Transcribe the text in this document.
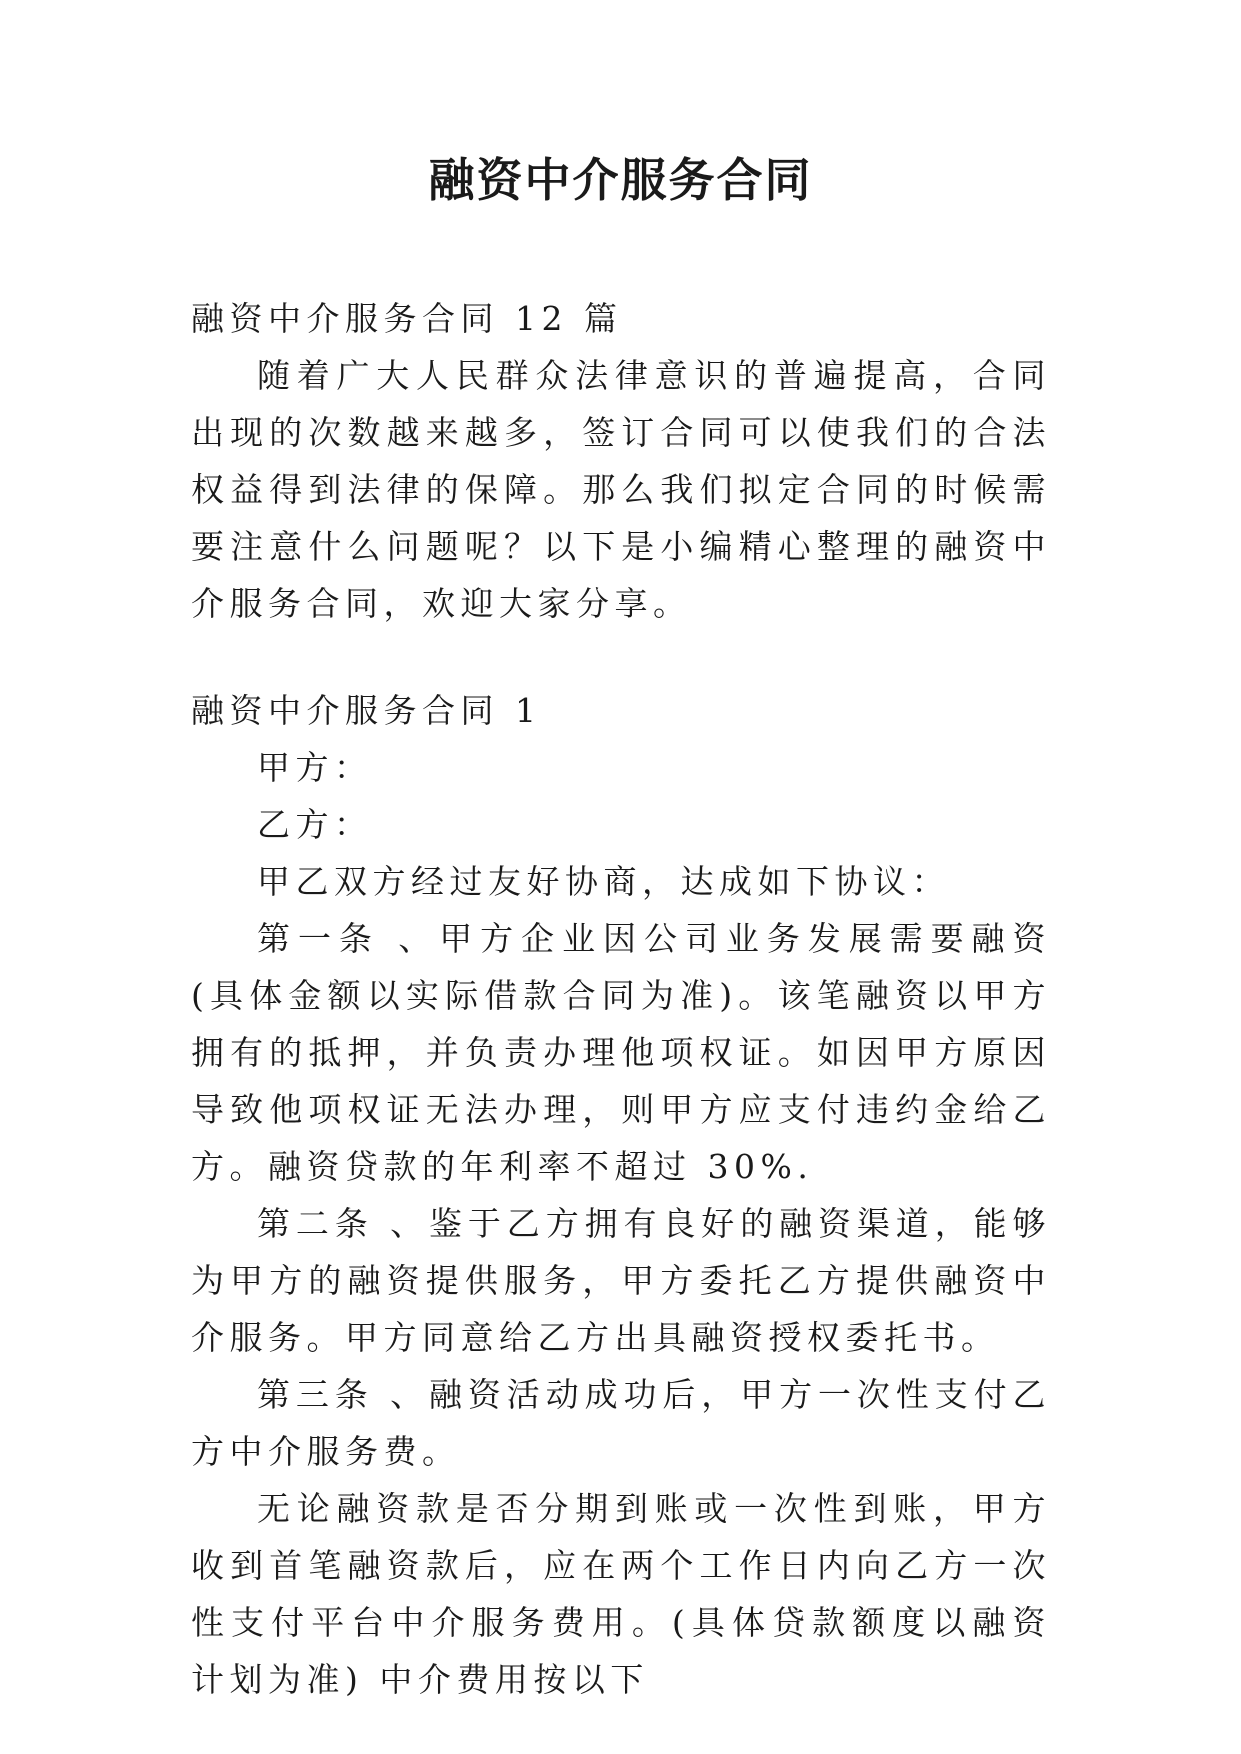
融资中介服务合同

融资中介服务合同 12 篇

随着广大人民群众法律意识的普遍提高，合同出现的次数越来越多，签订合同可以使我们的合法权益得到法律的保障。那么我们拟定合同的时候需要注意什么问题呢？以下是小编精心整理的融资中介服务合同，欢迎大家分享。

融资中介服务合同 1

甲方：

乙方：

甲乙双方经过友好协商，达成如下协议：

第一条 、甲方企业因公司业务发展需要融资(具体金额以实际借款合同为准)。该笔融资以甲方拥有的抵押，并负责办理他项权证。如因甲方原因导致他项权证无法办理，则甲方应支付违约金给乙方。融资贷款的年利率不超过 30%.

第二条 、鉴于乙方拥有良好的融资渠道，能够为甲方的融资提供服务，甲方委托乙方提供融资中介服务。甲方同意给乙方出具融资授权委托书。

第三条 、融资活动成功后，甲方一次性支付乙方中介服务费。

无论融资款是否分期到账或一次性到账，甲方收到首笔融资款后，应在两个工作日内向乙方一次性支付平台中介服务费用。(具体贷款额度以融资计划为准) 中介费用按以下
